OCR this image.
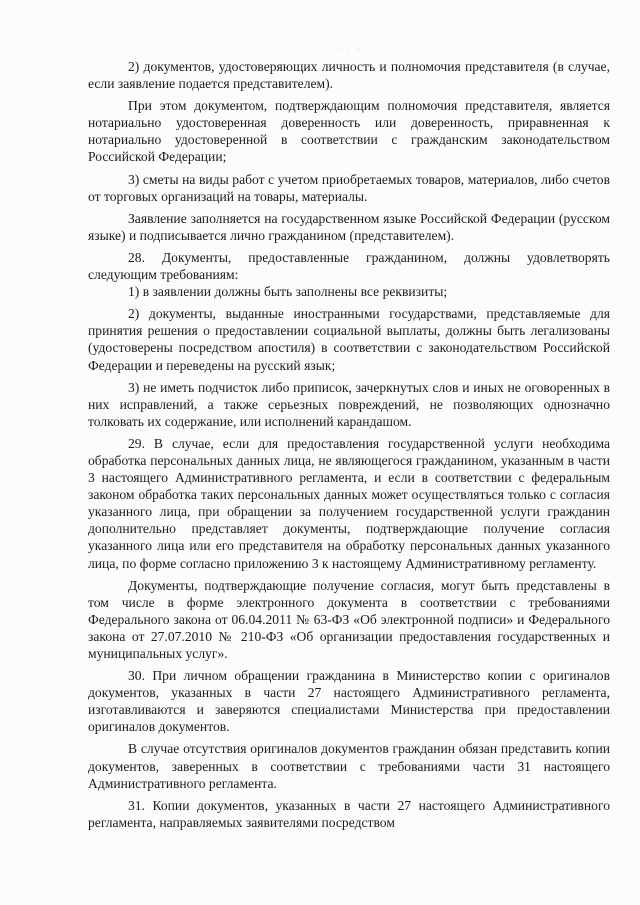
. . .

2) документов, удостоверяющих личность и полномочия представителя (в случае, если заявление подается представителем).

При этом документом, подтверждающим полномочия представителя, является нотариально удостоверенная доверенность или доверенность, приравненная к нотариально удостоверенной в соответствии с гражданским законодательством Российской Федерации;

3) сметы на виды работ с учетом приобретаемых товаров, материалов, либо счетов от торговых организаций на товары, материалы.

Заявление заполняется на государственном языке Российской Федерации (русском языке) и подписывается лично гражданином (представителем).

28. Документы, предоставленные гражданином, должны удовлетворять следующим требованиям:

1) в заявлении должны быть заполнены все реквизиты;

2) документы, выданные иностранными государствами, представляемые для принятия решения о предоставлении социальной выплаты, должны быть легализованы (удостоверены посредством апостиля) в соответствии с законодательством Российской Федерации и переведены на русский язык;

3) не иметь подчисток либо приписок, зачеркнутых слов и иных не оговоренных в них исправлений, а также серьезных повреждений, не позволяющих однозначно толковать их содержание, или исполнений карандашом.

29. В случае, если для предоставления государственной услуги необходима обработка персональных данных лица, не являющегося гражданином, указанным в части 3 настоящего Административного регламента, и если в соответствии с федеральным законом обработка таких персональных данных может осуществляться только с согласия указанного лица, при обращении за получением государственной услуги гражданин дополнительно представляет документы, подтверждающие получение согласия указанного лица или его представителя на обработку персональных данных указанного лица, по форме согласно приложению 3 к настоящему Административному регламенту.

Документы, подтверждающие получение согласия, могут быть представлены в том числе в форме электронного документа в соответствии с требованиями Федерального закона от 06.04.2011 № 63-ФЗ «Об электронной подписи» и Федерального закона от 27.07.2010 № 210-ФЗ «Об организации предоставления государственных и муниципальных услуг».

30. При личном обращении гражданина в Министерство копии с оригиналов документов, указанных в части 27 настоящего Административного регламента, изготавливаются и заверяются специалистами Министерства при предоставлении оригиналов документов.

В случае отсутствия оригиналов документов гражданин обязан представить копии документов, заверенных в соответствии с требованиями части 31 настоящего Административного регламента.

31. Копии документов, указанных в части 27 настоящего Административного регламента, направляемых заявителями посредством
